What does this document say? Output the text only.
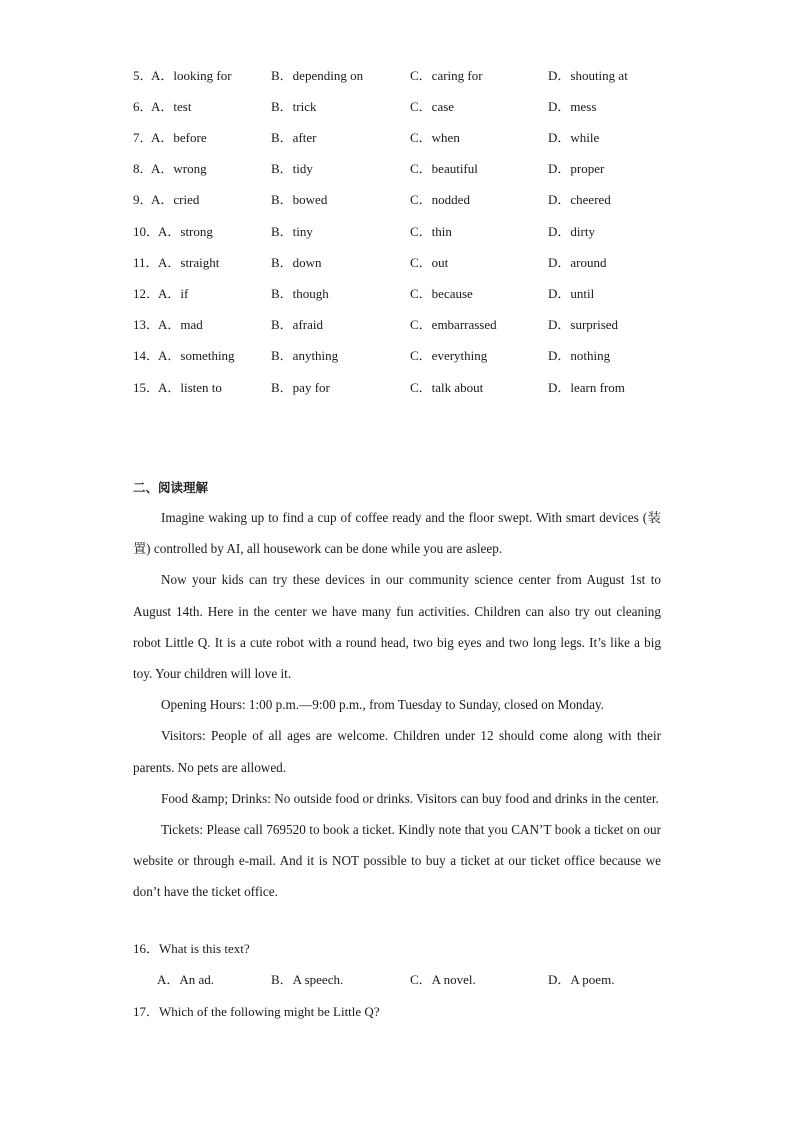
5．
A．looking for	B．depending on	C．caring for	D．shouting at
6．
A．test	B．trick	C．case	D．mess
7．
A．before	B．after	C．when	D．while
8．
A．wrong	B．tidy	C．beautiful	D．proper
9．
A．cried	B．bowed	C．nodded	D．cheered
10．
A．strong	B．tiny	C．thin	D．dirty
11． A．straight	B．down	C．out	D．around
12．
A．if	B．though	C．because	D．until
13．
A．mad	B．afraid	C．embarrassed	D．surprised
14．
A．something	B．anything	C．everything	D．nothing
15．
A．listen to	B．pay for	C．talk about	D．learn from
二、阅读理解

Imagine waking up to find a cup of coffee ready and the floor swept. With smart devices (装置) controlled by AI, all housework can be done while you are asleep.

Now your kids can try these devices in our community science center from August 1st to August 14th. Here in the center we have many fun activities. Children can also try out cleaning robot Little Q. It is a cute robot with a round head, two big eyes and two long legs. It’s like a big toy. Your children will love it.

Opening Hours: 1:00 p.m.—9:00 p.m., from Tuesday to Sunday, closed on Monday.

Visitors: People of all ages are welcome. Children under 12 should come along with their parents. No pets are allowed.

Food &amp; Drinks: No outside food or drinks. Visitors can buy food and drinks in the center.

Tickets: Please call 769520 to book a ticket. Kindly note that you CAN’T book a ticket on our website or through e-mail. And it is NOT possible to buy a ticket at our ticket office because we don’t have the ticket office.

16．What is this text?
A．An ad.	B．A speech.	C．A novel.	D．A poem.
17．Which of the following might be Little Q?
